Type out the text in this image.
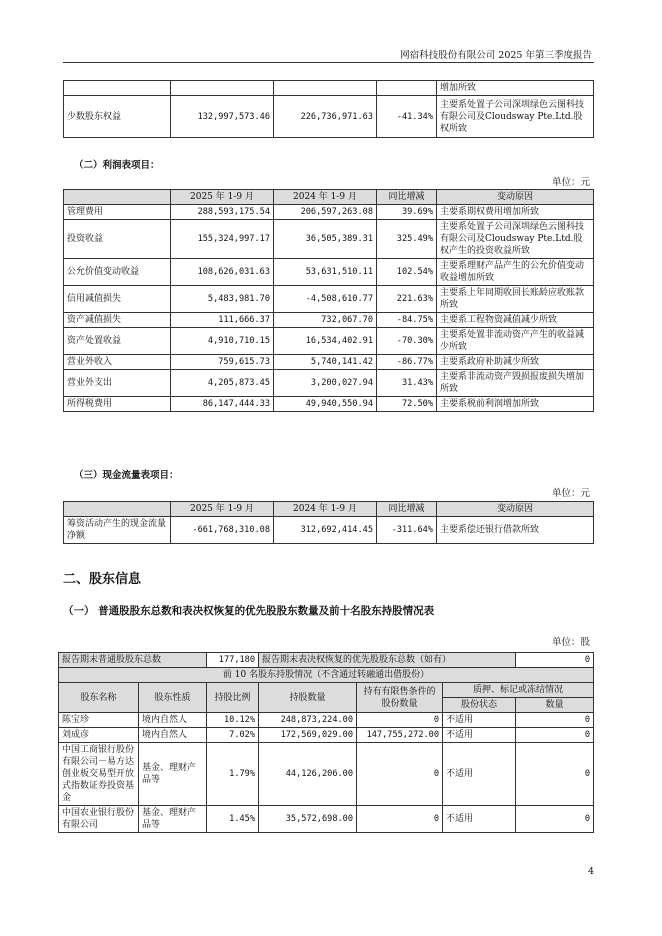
网宿科技股份有限公司 2025 年第三季度报告
				增加所致
少数股东权益	132,997,573.46	226,736,971.63	-41.34%	主要系处置子公司深圳绿色云图科技有限公司及Cloudsway Pte.Ltd.股权所致
（二）利润表项目：
单位：元
	2025 年 1-9 月	2024 年 1-9 月	同比增减	变动原因
管理费用	288,593,175.54	206,597,263.08	39.69%	主要系期权费用增加所致
投资收益	155,324,997.17	36,505,389.31	325.49%	主要系处置子公司深圳绿色云图科技有限公司及Cloudsway Pte.Ltd.股权产生的投资收益所致
公允价值变动收益	108,626,031.63	53,631,510.11	102.54%	主要系理财产品产生的公允价值变动收益增加所致
信用减值损失	5,483,981.70	-4,508,610.77	221.63%	主要系上年同期收回长账龄应收账款所致
资产减值损失	111,666.37	732,067.70	-84.75%	主要系工程物资减值减少所致
资产处置收益	4,910,710.15	16,534,402.91	-70.30%	主要系处置非流动资产产生的收益减少所致
营业外收入	759,615.73	5,740,141.42	-86.77%	主要系政府补助减少所致
营业外支出	4,205,873.45	3,200,027.94	31.43%	主要系非流动资产毁损报废损失增加所致
所得税费用	86,147,444.33	49,940,550.94	72.50%	主要系税前利润增加所致
（三）现金流量表项目：
单位：元
	2025 年 1-9 月	2024 年 1-9 月	同比增减	变动原因
筹资活动产生的现金流量净额	-661,768,310.08	312,692,414.45	-311.64%	主要系偿还银行借款所致
二、股东信息
（一） 普通股股东总数和表决权恢复的优先股股东数量及前十名股东持股情况表
单位：股
报告期末普通股股东总数		177,180	报告期末表决权恢复的优先股股东总数（如有）			0
前 10 名股东持股情况（不含通过转融通出借股份）						
股东名称	股东性质	持股比例	持股数量	持有有限售条件的股份数量	质押、标记或冻结情况	
					股份状态	数量
陈宝珍	境内自然人	10.12%	248,873,224.00	0	不适用	0
刘成彦	境内自然人	7.02%	172,569,029.00	147,755,272.00	不适用	0
中国工商银行股份有限公司－易方达创业板交易型开放式指数证券投资基金	基金、理财产品等	1.79%	44,126,206.00	0	不适用	0
中国农业银行股份有限公司	基金、理财产品等	1.45%	35,572,698.00	0	不适用	0
4
